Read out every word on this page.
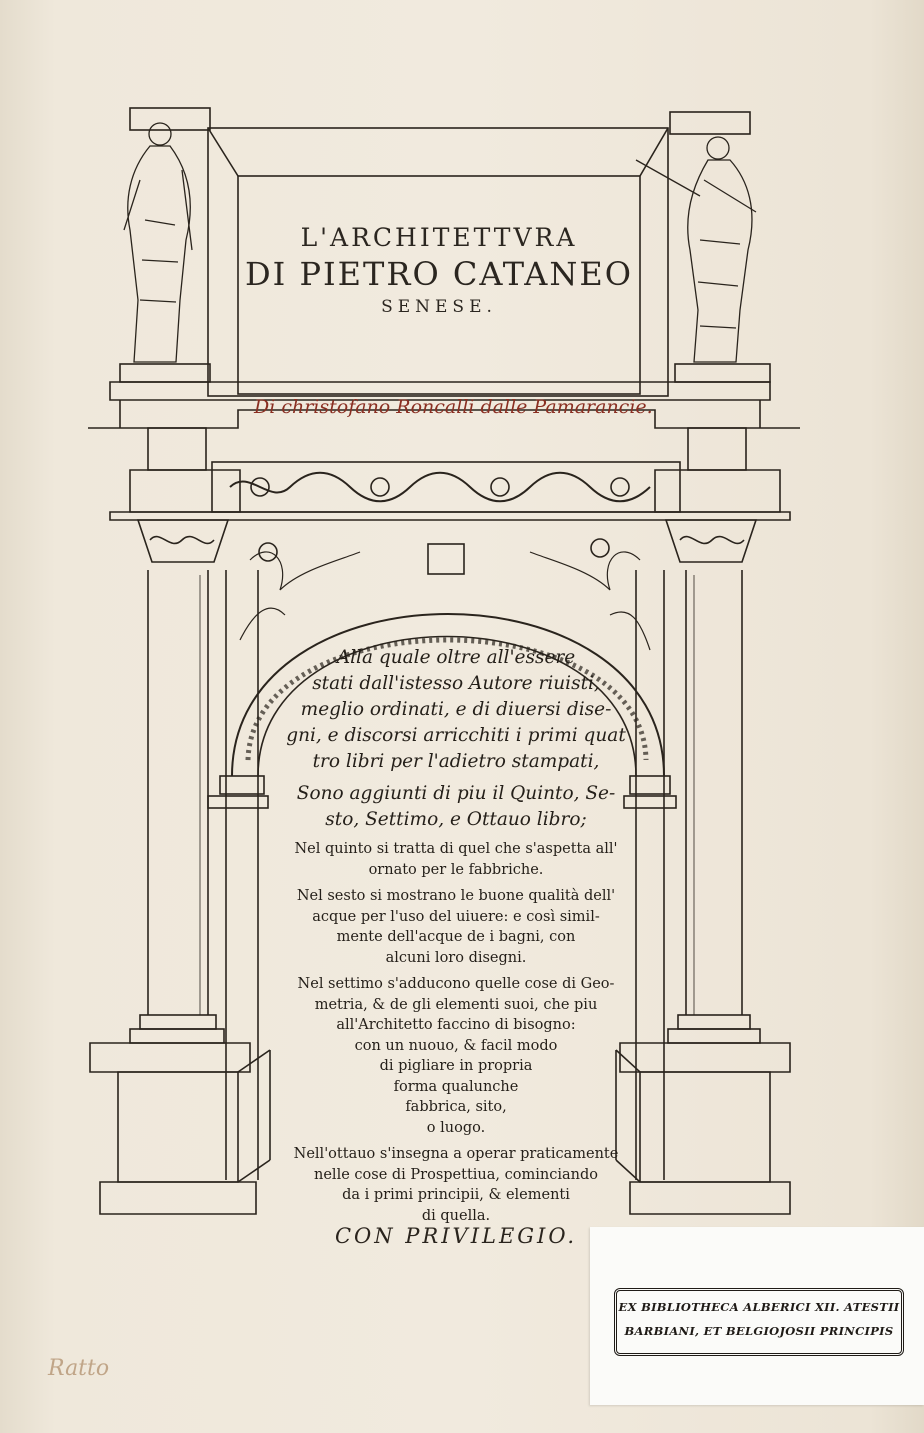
L'ARCHITETTVRA
DI PIETRO CATANEO
SENESE.
Di christofano Roncalli dalle Pamarancie.
Alla quale oltre all'essere
stati dall'istesso Autore riuisti,
meglio ordinati, e di diuersi dise-
gni, e discorsi arricchiti i primi quat
tro libri per l'adietro stampati,
Sono aggiunti di piu il Quinto, Se-
sto, Settimo, e Ottauo libro;
Nel quinto si tratta di quel che s'aspetta all'
ornato per le fabbriche.
Nel sesto si mostrano le buone qualità dell'
acque per l'uso del uiuere: e così simil-
mente dell'acque de i bagni, con
alcuni loro disegni.
Nel settimo s'adducono quelle cose di Geo-
metria, & de gli elementi suoi, che piu
all'Architetto faccino di bisogno:
con un nuouo, & facil modo
di pigliare in propria
forma qualunche
fabbrica, sito,
o luogo.
Nell'ottauo s'insegna a operar praticamente
nelle cose di Prospettiua, cominciando
da i primi principii, & elementi
di quella.
CON PRIVILEGIO.
EX BIBLIOTHECA ALBERICI XII. ATESTII
BARBIANI, ET BELGIOJOSII PRINCIPIS
Ratto
